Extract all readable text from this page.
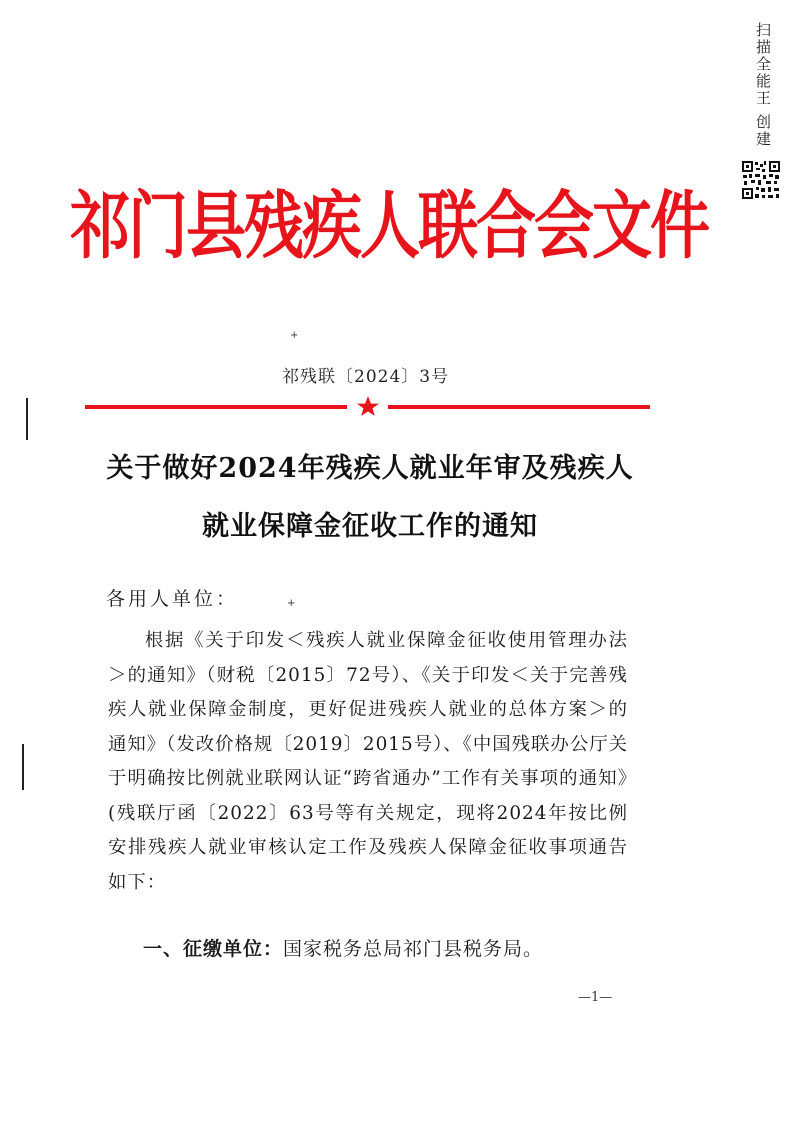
扫描全能王 创建
祁门县残疾人联合会文件
+
祁残联〔2024〕3号
关于做好2024年残疾人就业年审及残疾人
就业保障金征收工作的通知
各用人单位：	+
根据《关于印发＜残疾人就业保障金征收使用管理办法＞的通知》（财税〔2015〕72号）、《关于印发＜关于完善残疾人就业保障金制度，更好促进残疾人就业的总体方案＞的通知》（发改价格规〔2019〕2015号）、《中国残联办公厅关于明确按比例就业联网认证“跨省通办”工作有关事项的通知》(残联厅函〔2022〕63号等有关规定，现将2024年按比例安排残疾人就业审核认定工作及残疾人保障金征收事项通告如下：
一、征缴单位：国家税务总局祁门县税务局。
—1—
